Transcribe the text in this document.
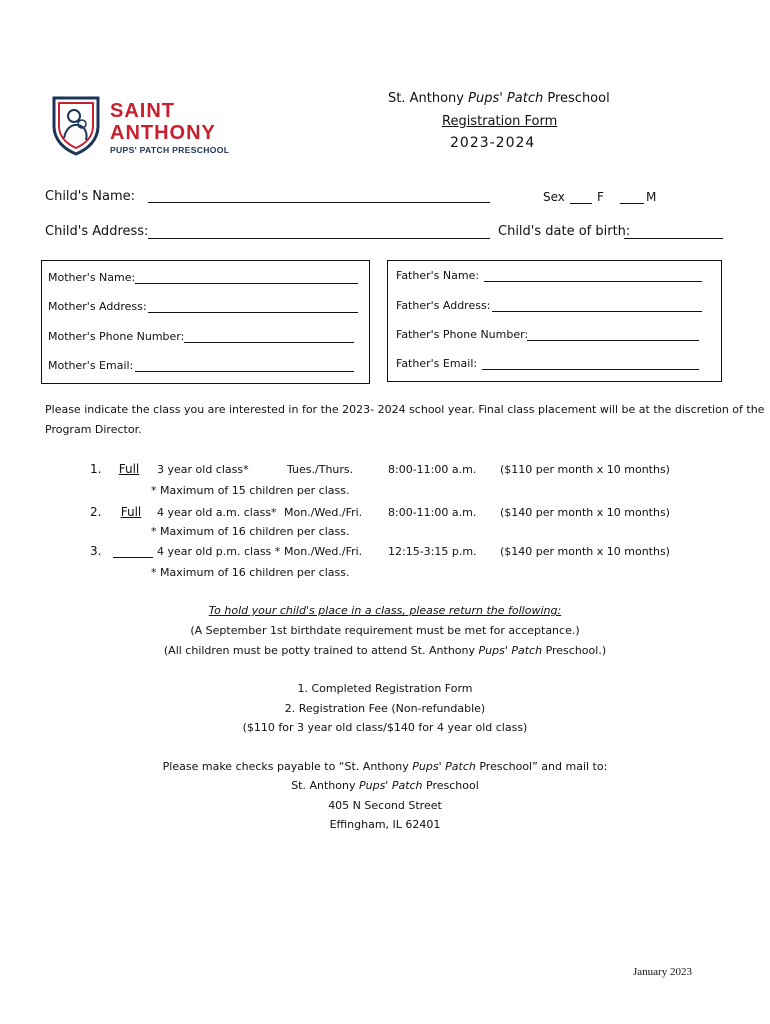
SAINT
ANTHONY
PUPS' PATCH PRESCHOOL
St. Anthony Pups' Patch Preschool
Registration Form
2023-2024
Child's Name:	Sex	F	M
Child's Address:	Child's date of birth:
Mother's Name:
Mother's Address:
Mother's Phone Number:
Mother's Email:
Father's Name:
Father's Address:
Father's Phone Number:
Father's Email:
Please indicate the class you are interested in for the 2023- 2024 school year. Final class placement will be at the discretion of the
Program Director.
1.	Full	3 year old class*	Tues./Thurs.	8:00-11:00 a.m. ($110 per month x 10 months)
* Maximum of 15 children per class.
2.	Full	4 year old a.m. class* Mon./Wed./Fri. 8:00-11:00 a.m. ($140 per month x 10 months)
* Maximum of 16 children per class.
3.	4 year old p.m. class * Mon./Wed./Fri. 12:15-3:15 p.m. ($140 per month x 10 months)
* Maximum of 16 children per class.
To hold your child's place in a class, please return the following:
(A September 1st birthdate requirement must be met for acceptance.)
(All children must be potty trained to attend St. Anthony Pups' Patch Preschool.)
1. Completed Registration Form
2. Registration Fee (Non-refundable)
($110 for 3 year old class/$140 for 4 year old class)
Please make checks payable to “St. Anthony Pups' Patch Preschool” and mail to:
St. Anthony Pups' Patch Preschool
405 N Second Street
Effingham, IL 62401
January 2023
